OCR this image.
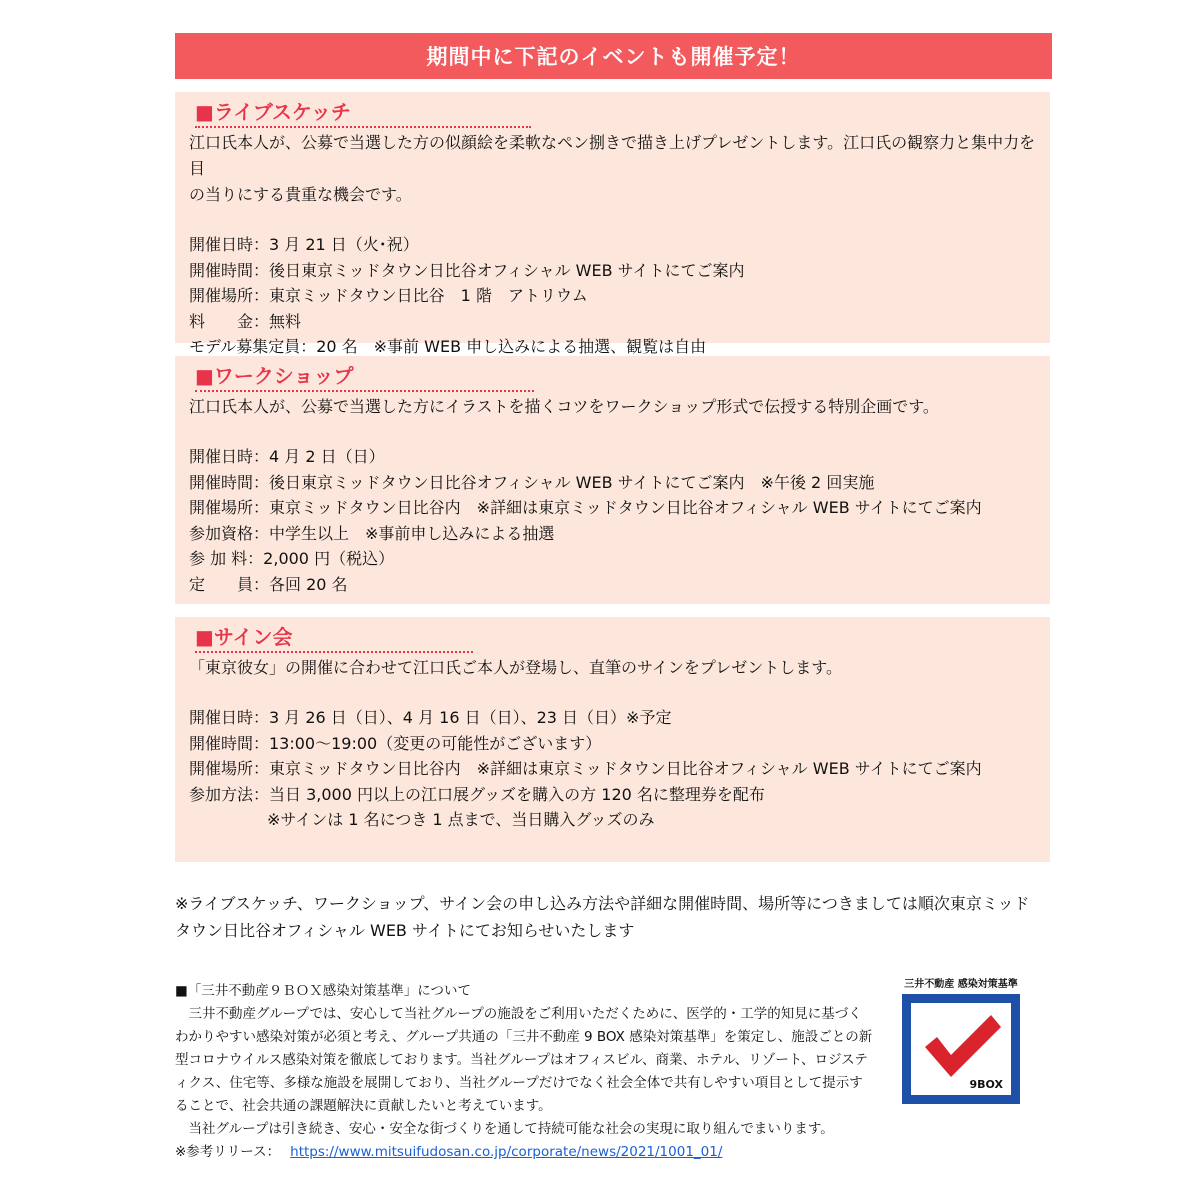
期間中に下記のイベントも開催予定！
■ライブスケッチ
江口氏本人が、公募で当選した方の似顔絵を柔軟なペン捌きで描き上げプレゼントします。江口氏の観察力と集中力を目
の当りにする貴重な機会です。
開催日時：3 月 21 日（火･祝）
開催時間：後日東京ミッドタウン日比谷オフィシャル WEB サイトにてご案内
開催場所：東京ミッドタウン日比谷　1 階　アトリウム
料　　金：無料
モデル募集定員：20 名　※事前 WEB 申し込みによる抽選、観覧は自由
■ワークショップ
江口氏本人が、公募で当選した方にイラストを描くコツをワークショップ形式で伝授する特別企画です。
開催日時：4 月 2 日（日）
開催時間：後日東京ミッドタウン日比谷オフィシャル WEB サイトにてご案内　※午後 2 回実施
開催場所：東京ミッドタウン日比谷内　※詳細は東京ミッドタウン日比谷オフィシャル WEB サイトにてご案内
参加資格：中学生以上　※事前申し込みによる抽選
参 加 料：2,000 円（税込）
定　　員：各回 20 名
■サイン会
「東京彼女」の開催に合わせて江口氏ご本人が登場し、直筆のサインをプレゼントします。
開催日時：3 月 26 日（日）、4 月 16 日（日）、23 日（日）※予定
開催時間：13:00～19:00（変更の可能性がございます）
開催場所：東京ミッドタウン日比谷内　※詳細は東京ミッドタウン日比谷オフィシャル WEB サイトにてご案内
参加方法：当日 3,000 円以上の江口展グッズを購入の方 120 名に整理券を配布
※サインは 1 名につき 1 点まで、当日購入グッズのみ
※ライブスケッチ、ワークショップ、サイン会の申し込み方法や詳細な開催時間、場所等につきましては順次東京ミッドタウン日比谷オフィシャル WEB サイトにてお知らせいたします
■「三井不動産９ＢＯＸ感染対策基準」について
三井不動産グループでは、安心して当社グループの施設をご利用いただくために、医学的・工学的知見に基づくわかりやすい感染対策が必須と考え、グループ共通の「三井不動産 9 BOX 感染対策基準」を策定し、施設ごとの新型コロナウイルス感染対策を徹底しております。当社グループはオフィスビル、商業、ホテル、リゾート、ロジスティクス、住宅等、多様な施設を展開しており、当社グループだけでなく社会全体で共有しやすい項目として提示することで、社会共通の課題解決に貢献したいと考えています。
当社グループは引き続き、安心・安全な街づくりを通して持続可能な社会の実現に取り組んでまいります。
※参考リリース： https://www.mitsuifudosan.co.jp/corporate/news/2021/1001_01/
三井不動産 感染対策基準
9BOX
